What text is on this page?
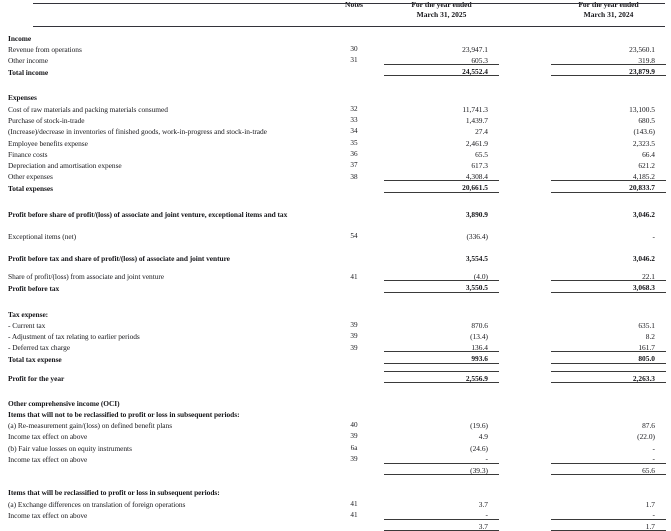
	Notes		For the year ended
March 31, 2025
		For the year ended
March 31, 2024

Income						
Revenue from operations	30		23,947.1		23,560.1	
Other income	31		605.3		319.8	
Total income			24,552.4		23,879.9	

Expenses						
Cost of raw materials and packing materials consumed	32		11,741.3		13,100.5	
Purchase of stock-in-trade	33		1,439.7		680.5	
(Increase)/decrease in inventories of finished goods, work-in-progress and stock-in-trade	34		27.4		(143.6)	
Employee benefits expense	35		2,461.9		2,323.5	
Finance costs	36		65.5		66.4	
Depreciation and amortisation expense	37		617.3		621.2	
Other expenses	38		4,308.4		4,185.2	
Total expenses			20,661.5		20,833.7	

Profit before share of profit/(loss) of associate and joint venture, exceptional items and tax			3,890.9		3,046.2	

Exceptional items (net)	54		(336.4)		-	

Profit before tax and share of profit/(loss) of associate and joint venture			3,554.5		3,046.2	

Share of profit/(loss) from associate and joint venture	41		(4.0)		22.1	
Profit before tax			3,550.5		3,068.3	

Tax expense:						
- Current tax	39		870.6		635.1	
- Adjustment of tax relating to earlier periods	39		(13.4)		8.2	
- Deferred tax charge	39		136.4		161.7	
Total tax expense			993.6		805.0	

Profit for the year			2,556.9		2,263.3	

Other comprehensive income (OCI)						
Items that will not to be reclassified to profit or loss in subsequent periods:						
(a) Re-measurement gain/(loss) on defined benefit plans	40		(19.6)		87.6	
Income tax effect on above	39		4.9		(22.0)	
(b) Fair value losses on equity instruments	6a		(24.6)		-	
Income tax effect on above	39		-		-	
			(39.3)		65.6	

Items that will be reclassified to profit or loss in subsequent periods:						
(a) Exchange differences on translation of foreign operations	41		3.7		1.7	
Income tax effect on above	41		-		-	
			3.7		1.7	
